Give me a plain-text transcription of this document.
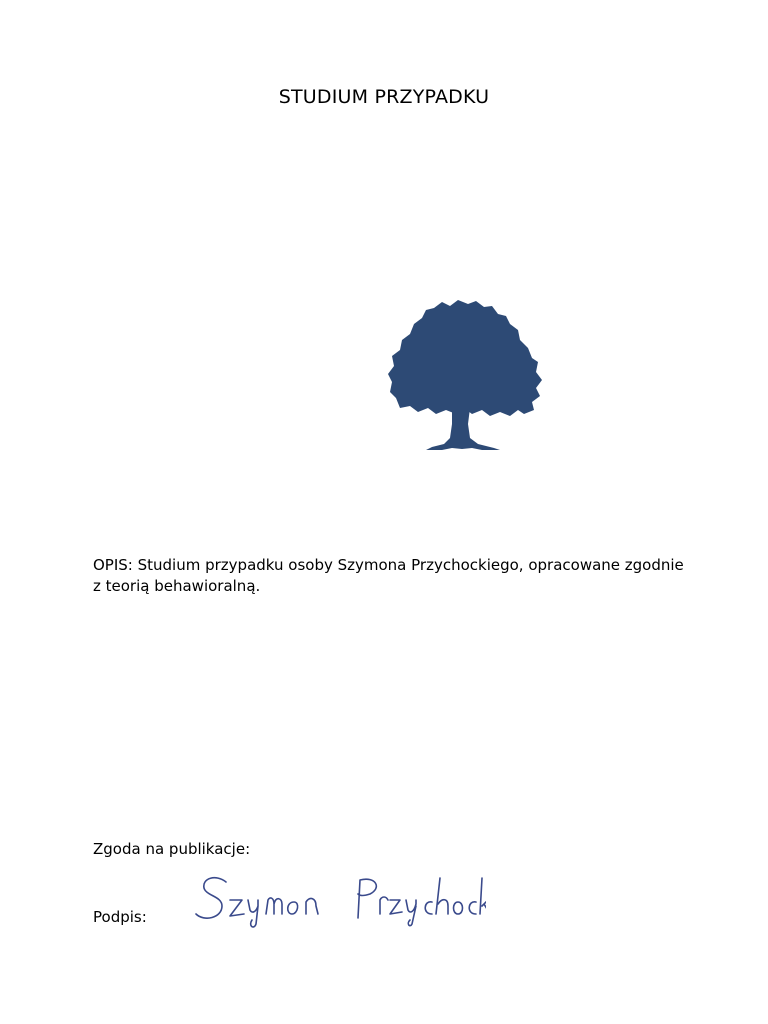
STUDIUM PRZYPADKU
OPIS: Studium przypadku osoby Szymona Przychockiego, opracowane zgodnie z teorią behawioralną.
Zgoda na publikacje:
Podpis:
